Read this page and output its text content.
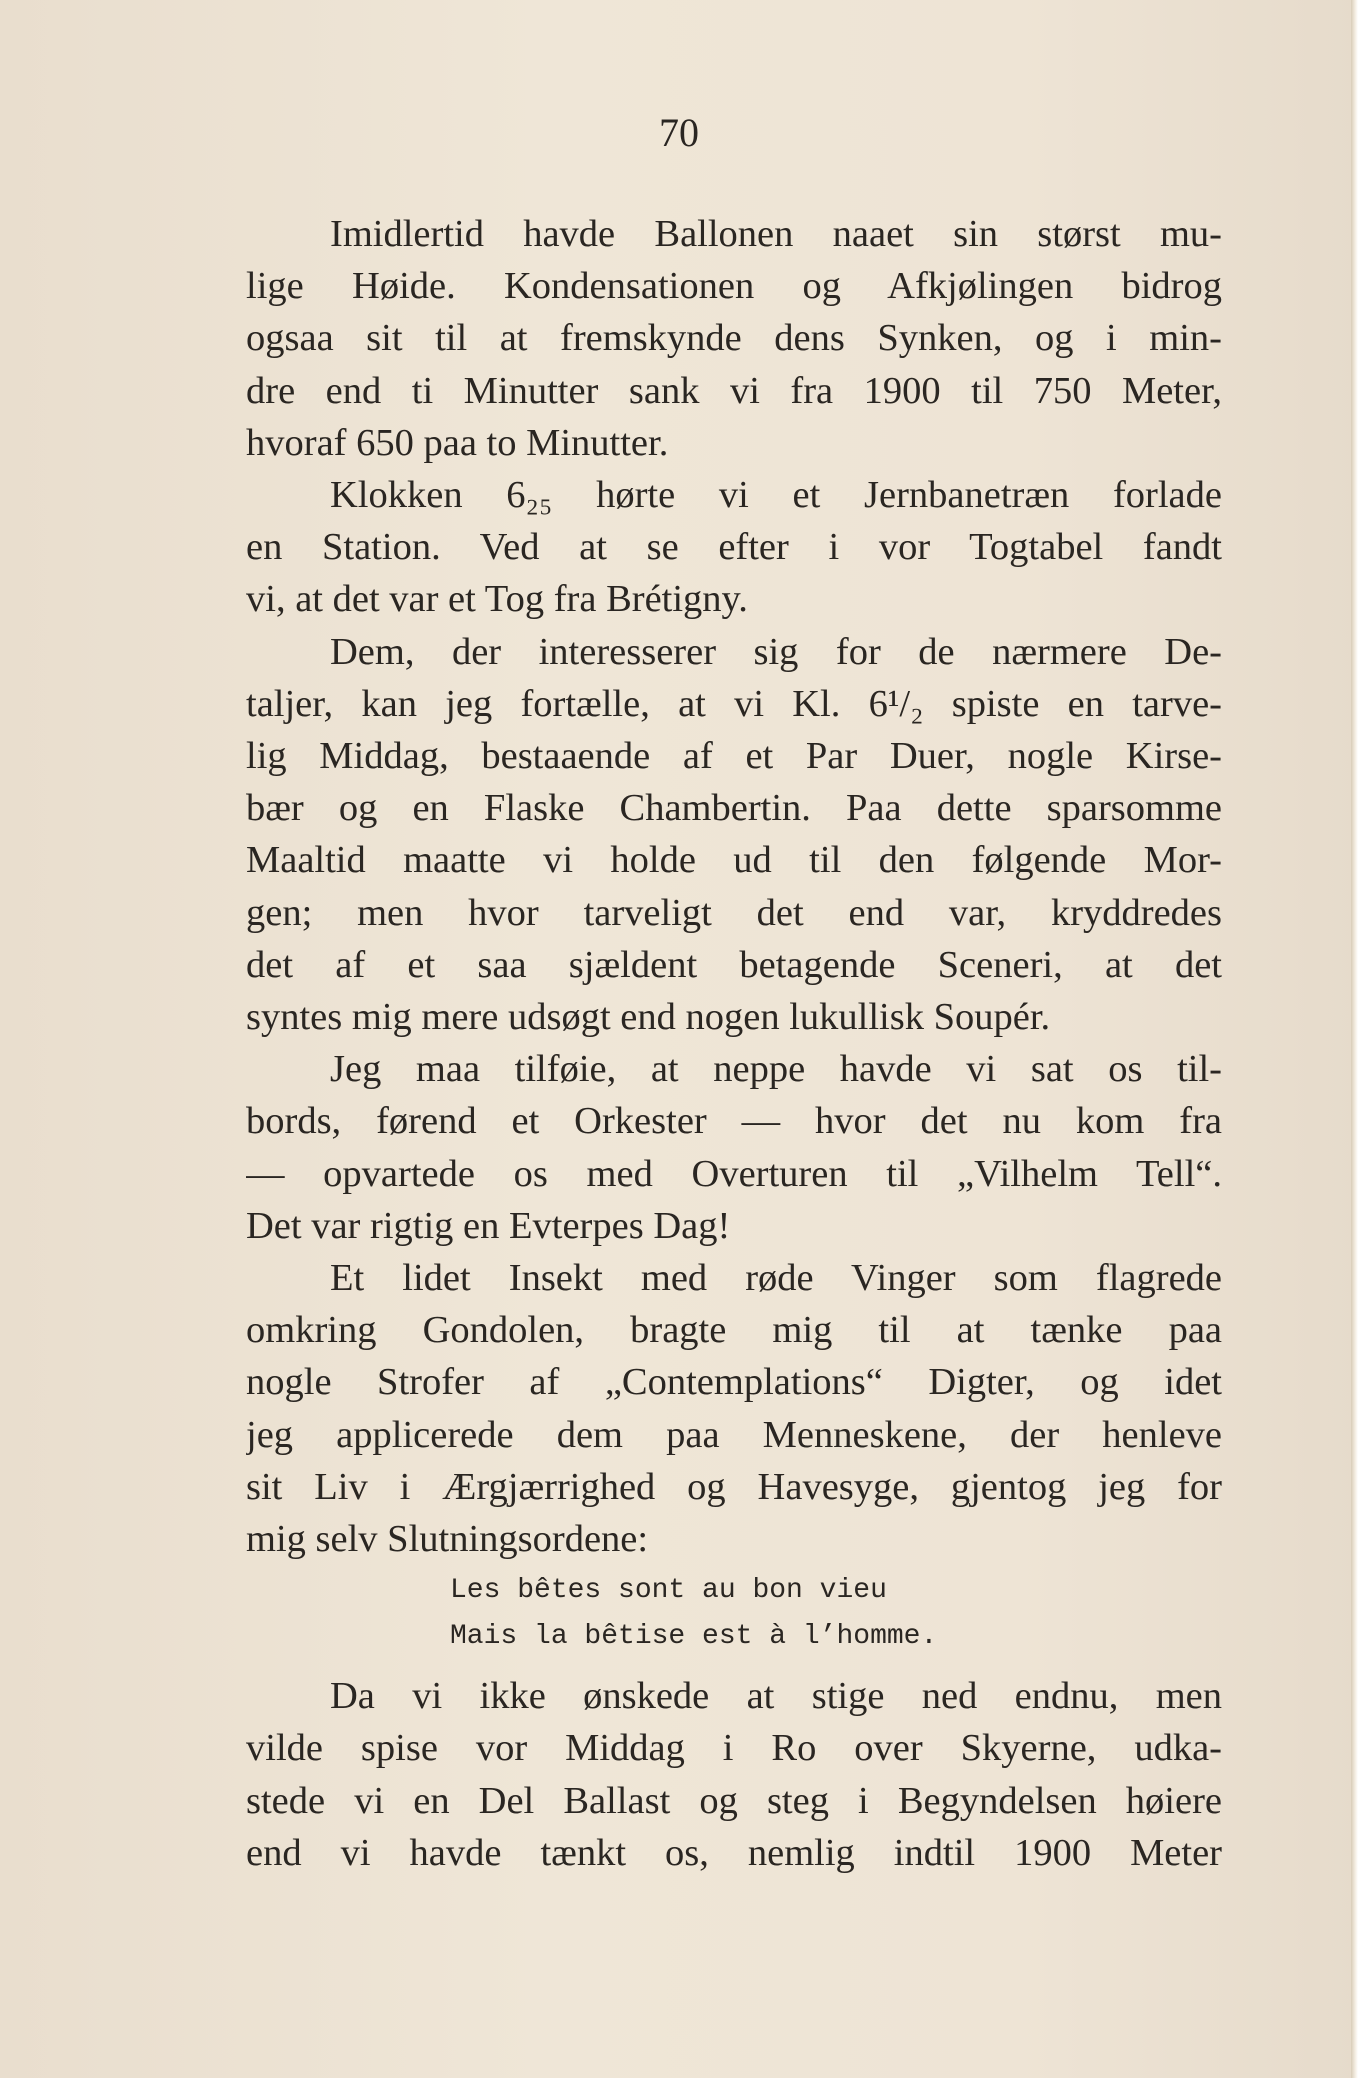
70

Imidlertid havde Ballonen naaet sin størst mu-
lige Høide. Kondensationen og Afkjølingen bidrog
ogsaa sit til at fremskynde dens Synken, og i min-
dre end ti Minutter sank vi fra 1900 til 750 Meter,
hvoraf 650 paa to Minutter.

Klokken 6₂₅ hørte vi et Jernbanetræn forlade
en Station. Ved at se efter i vor Togtabel fandt
vi, at det var et Tog fra Brétigny.

Dem, der interesserer sig for de nærmere De-
taljer, kan jeg fortælle, at vi Kl. 6¹/₂ spiste en tarve-
lig Middag, bestaaende af et Par Duer, nogle Kirse-
bær og en Flaske Chambertin. Paa dette sparsomme
Maaltid maatte vi holde ud til den følgende Mor-
gen; men hvor tarveligt det end var, kryddredes
det af et saa sjældent betagende Sceneri, at det
syntes mig mere udsøgt end nogen lukullisk Soupér.

Jeg maa tilføie, at neppe havde vi sat os til-
bords, førend et Orkester — hvor det nu kom fra
— opvartede os med Overturen til „Vilhelm Tell“.
Det var rigtig en Evterpes Dag!

Et lidet Insekt med røde Vinger som flagrede
omkring Gondolen, bragte mig til at tænke paa
nogle Strofer af „Contemplations“ Digter, og idet
jeg applicerede dem paa Menneskene, der henleve
sit Liv i Ærgjærrighed og Havesyge, gjentog jeg for
mig selv Slutningsordene:

Les bêtes sont au bon vieu
Mais la bêtise est à l’homme.

Da vi ikke ønskede at stige ned endnu, men
vilde spise vor Middag i Ro over Skyerne, udka-
stede vi en Del Ballast og steg i Begyndelsen høiere
end vi havde tænkt os, nemlig indtil 1900 Meter
